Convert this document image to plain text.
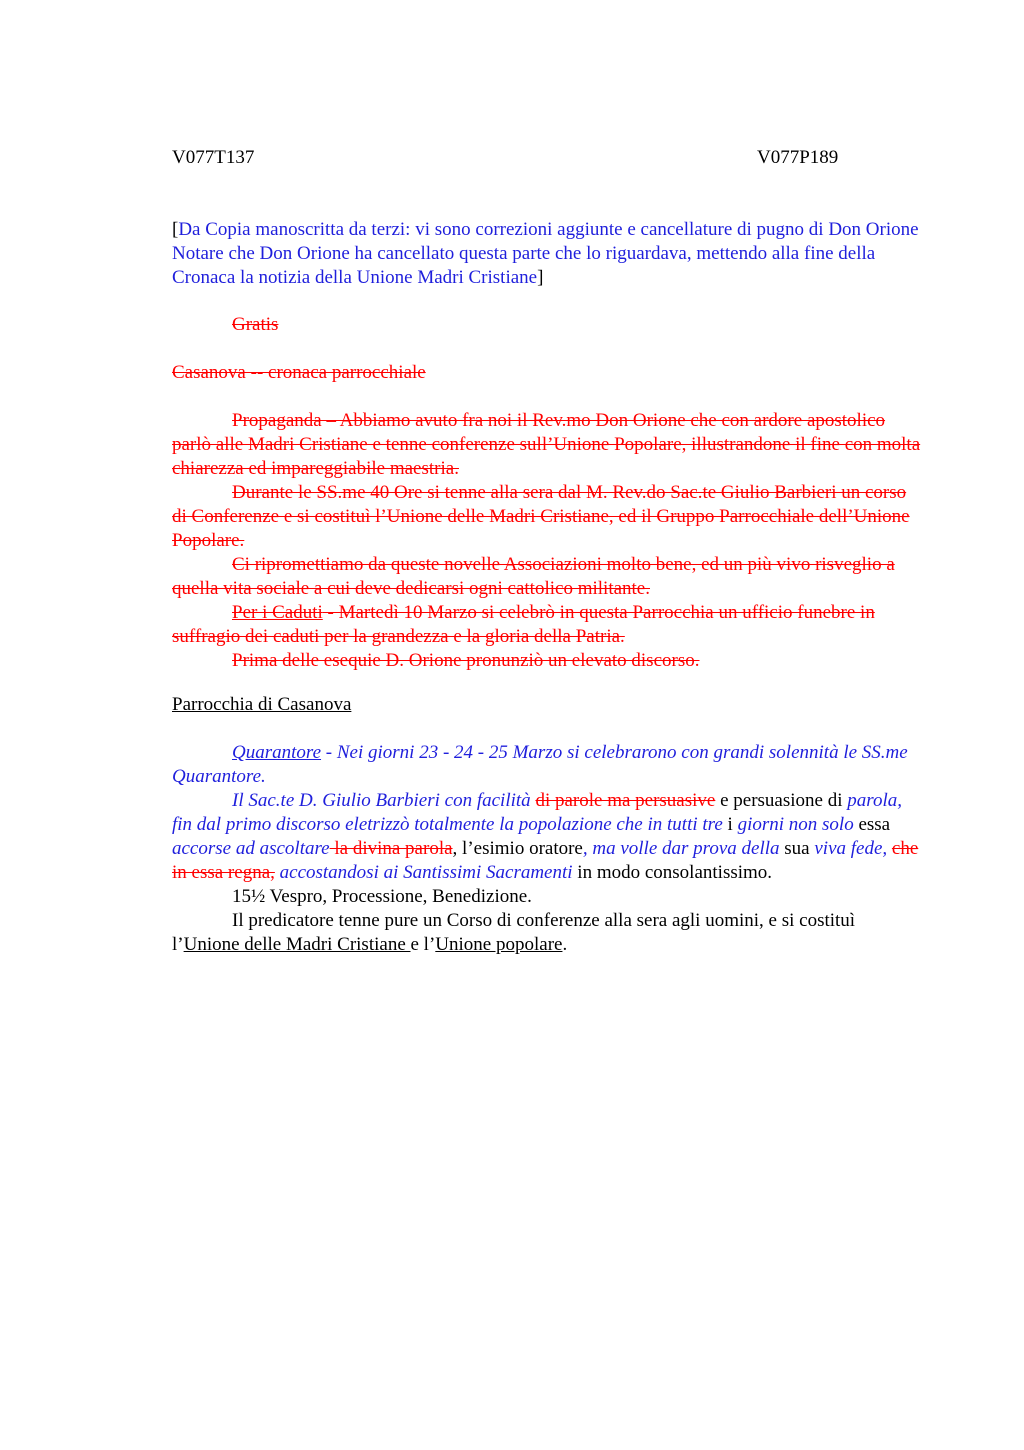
V077T137	V077P189

[Da Copia manoscritta da terzi: vi sono correzioni aggiunte e cancellature di pugno di Don Orione Notare che Don Orione ha cancellato questa parte che lo riguardava, mettendo alla fine della Cronaca la notizia della Unione Madri Cristiane]

Gratis

Casanova -- cronaca parrocchiale

Propaganda – Abbiamo avuto fra noi il Rev.mo Don Orione che con ardore apostolico parlò alle Madri Cristiane e tenne conferenze sull’Unione Popolare, illustrandone il fine con molta chiarezza ed impareggiabile maestria.

Durante le SS.me 40 Ore si tenne alla sera dal M. Rev.do Sac.te Giulio Barbieri un corso di Conferenze e si costituì l’Unione delle Madri Cristiane, ed il Gruppo Parrocchiale dell’Unione Popolare.

Ci ripromettiamo da queste novelle Associazioni molto bene, ed un più vivo risveglio a quella vita sociale a cui deve dedicarsi ogni cattolico militante.

Per i Caduti - Martedì 10 Marzo si celebrò in questa Parrocchia un ufficio funebre in suffragio dei caduti per la grandezza e la gloria della Patria.

Prima delle esequie D. Orione pronunziò un elevato discorso.

Parrocchia di Casanova

Quarantore - Nei giorni 23 - 24 - 25 Marzo si celebrarono con grandi solennità le SS.me Quarantore.

Il Sac.te D. Giulio Barbieri con facilità di parole ma persuasive e persuasione di parola, fin dal primo discorso eletrizzò totalmente la popolazione che in tutti tre i giorni non solo essa accorse ad ascoltare la divina parola, l’esimio oratore, ma volle dar prova della sua viva fede, che in essa regna, accostandosi ai Santissimi Sacramenti in modo consolantissimo.

15½ Vespro, Processione, Benedizione.

Il predicatore tenne pure un Corso di conferenze alla sera agli uomini, e si costituì l’Unione delle Madri Cristiane e l’Unione popolare.
